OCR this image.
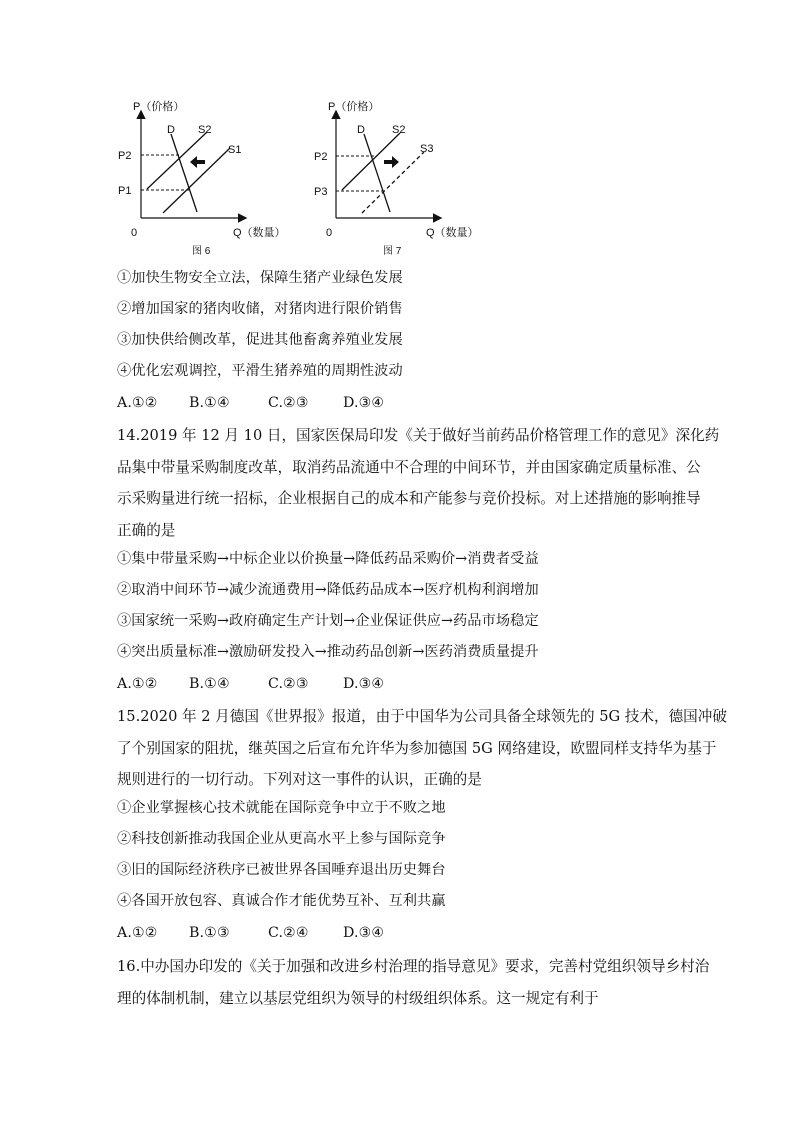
P（价格）
Q（数量）
0
P2
P1
D S2
S1
图 6
P（价格）
Q（数量）
0
P2
P3
D S2
S3
图 7
①加快生物安全立法，保障生猪产业绿色发展
②增加国家的猪肉收储，对猪肉进行限价销售
③加快供给侧改革，促进其他畜禽养殖业发展
④优化宏观调控，平滑生猪养殖的周期性波动
A.①② B.①④	C.②③ D.③④
14.2019 年 12 月 10 日，国家医保局印发《关于做好当前药品价格管理工作的意见》深化药
品集中带量采购制度改革，取消药品流通中不合理的中间环节，并由国家确定质量标准、公
示采购量进行统一招标，企业根据自己的成本和产能参与竞价投标。对上述措施的影响推导
正确的是
①集中带量采购→中标企业以价换量→降低药品采购价→消费者受益
②取消中间环节→减少流通费用→降低药品成本→医疗机构利润增加
③国家统一采购→政府确定生产计划→企业保证供应→药品市场稳定
④突出质量标准→激励研发投入→推动药品创新→医药消费质量提升
A.①② B.①④	C.②③ D.③④
15.2020 年 2 月德国《世界报》报道，由于中国华为公司具备全球领先的 5G 技术，德国冲破
了个别国家的阻扰，继英国之后宣布允许华为参加德国 5G 网络建设，欧盟同样支持华为基于
规则进行的一切行动。下列对这一事件的认识，正确的是
①企业掌握核心技术就能在国际竞争中立于不败之地
②科技创新推动我国企业从更高水平上参与国际竞争
③旧的国际经济秩序已被世界各国唾弃退出历史舞台
④各国开放包容、真诚合作才能优势互补、互利共赢
A.①② B.①③	C.②④ D.③④
16.中办国办印发的《关于加强和改进乡村治理的指导意见》要求，完善村党组织领导乡村治
理的体制机制，建立以基层党组织为领导的村级组织体系。这一规定有利于
